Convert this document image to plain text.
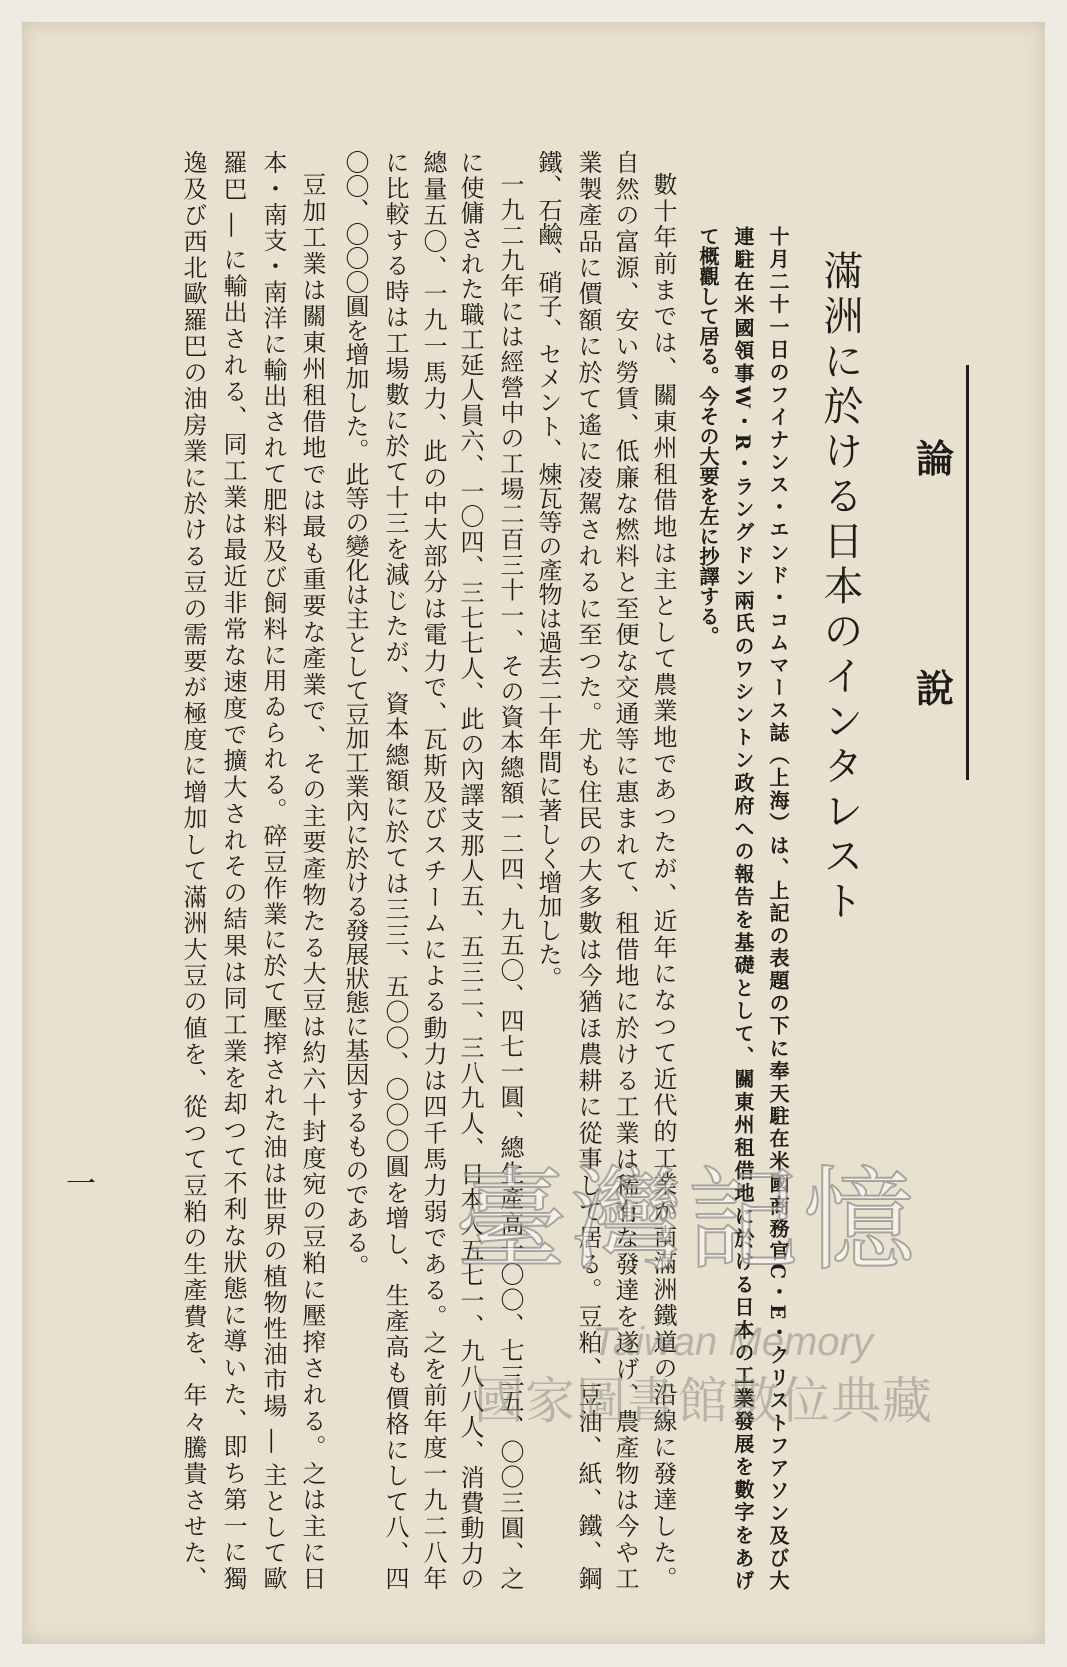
論
說
滿洲に於ける日本のインタレスト
十月二十一日のフイナンス・エンド・コムマース誌（上海）は、上記の表題の下に奉天駐在米國商務官C・E・クリストフアソン及び大
連駐在米國領事W・R・ラングドン兩氏のワシントン政府への報告を基礎として、關東州租借地に於ける日本の工業發展を數字をあげ
て概觀して居る。今その大要を左に抄譯する。
數十年前までは、關東州租借地は主として農業地であつたが、近年になつて近代的工業が南滿洲鐵道の沿線に發達した。
自然の富源、安い勞賃、低廉な燃料と至便な交通等に惠まれて、租借地に於ける工業は稀有な發達を遂げ、農產物は今や工
業製產品に價額に於て遙に凌駕されるに至つた。尤も住民の大多數は今猶ほ農耕に從事して居る。豆粕、豆油、紙、鐵、鋼
鐵、石鹼、硝子、セメント、煉瓦等の產物は過去二十年間に著しく增加した。
一九二九年には經營中の工場二百三十一、その資本總額一二四、九五〇、四七一圓、總生產高一〇〇、七三五、〇〇三圓、之
に使傭された職工延人員六、一〇四、三七七人、此の內譯支那人五、五三二、三八九人、日本人五七一、九八八人、消費動力の
總量五〇、一九一馬力、此の中大部分は電力で、瓦斯及びスチームによる動力は四千馬力弱である。之を前年度一九二八年
に比較する時は工場數に於て十三を減じたが、資本總額に於ては三三、五〇〇、〇〇〇圓を增し、生產高も價格にして八、四
〇〇、〇〇〇圓を增加した。此等の變化は主として豆加工業內に於ける發展狀態に基因するものである。
豆加工業は關東州租借地では最も重要な產業で、その主要產物たる大豆は約六十封度宛の豆粕に壓搾される。之は主に日
本・南支・南洋に輸出されて肥料及び飼料に用ゐられる。碎豆作業に於て壓搾された油は世界の植物性油市場 ― 主として歐
羅巴 ― に輸出される、同工業は最近非常な速度で擴大されその結果は同工業を却つて不利な狀態に導いた、即ち第一に獨
逸及び西北歐羅巴の油房業に於ける豆の需要が極度に增加して滿洲大豆の値を、從つて豆粕の生產費を、年々騰貴させた、
一	臺灣記憶
Taiwan Memory
國家圖書館數位典藏
